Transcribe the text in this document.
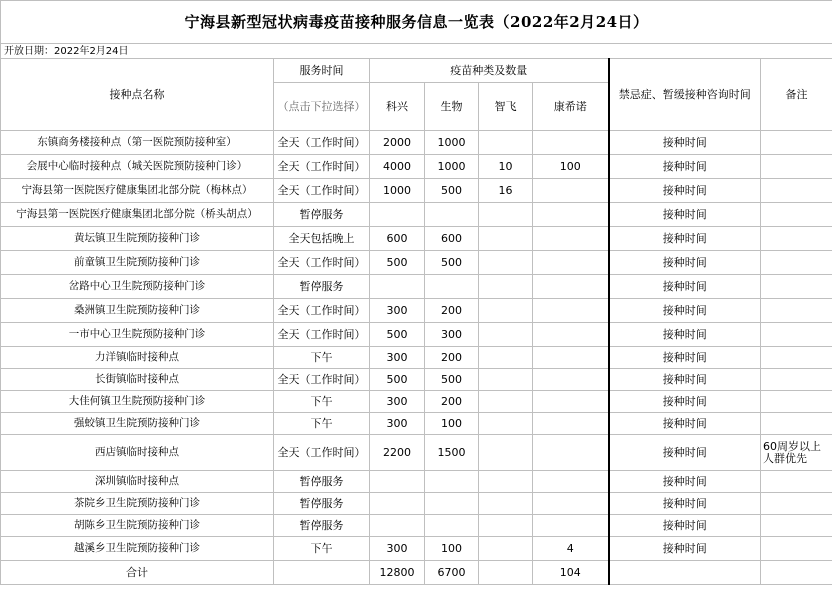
宁海县新型冠状病毒疫苗接种服务信息一览表（2022年2月24日）							
开放日期：2022年2月24日							
接种点名称	服务时间	疫苗种类及数量				禁忌症、暂缓接种咨询时间	备注
	（点击下拉选择）	科兴	生物	智飞	康希诺		
东镇商务楼接种点（第一医院预防接种室）	全天（工作时间）	2000	1000			接种时间	
会展中心临时接种点（城关医院预防接种门诊）	全天（工作时间）	4000	1000	10	100	接种时间	
宁海县第一医院医疗健康集团北部分院（梅林点）	全天（工作时间）	1000	500	16		接种时间	
宁海县第一医院医疗健康集团北部分院（桥头胡点）	暂停服务					接种时间	
黄坛镇卫生院预防接种门诊	全天包括晚上	600	600			接种时间	
前童镇卫生院预防接种门诊	全天（工作时间）	500	500			接种时间	
岔路中心卫生院预防接种门诊	暂停服务					接种时间	
桑洲镇卫生院预防接种门诊	全天（工作时间）	300	200			接种时间	
一市中心卫生院预防接种门诊	全天（工作时间）	500	300			接种时间	
力洋镇临时接种点	下午	300	200			接种时间	
长街镇临时接种点	全天（工作时间）	500	500			接种时间	
大佳何镇卫生院预防接种门诊	下午	300	200			接种时间	
强蛟镇卫生院预防接种门诊	下午	300	100			接种时间	
西店镇临时接种点	全天（工作时间）	2200	1500			接种时间	60周岁以上人群优先
深圳镇临时接种点	暂停服务					接种时间	
茶院乡卫生院预防接种门诊	暂停服务					接种时间	
胡陈乡卫生院预防接种门诊	暂停服务					接种时间	
越溪乡卫生院预防接种门诊	下午	300	100		4	接种时间	
合计		12800	6700		104		
